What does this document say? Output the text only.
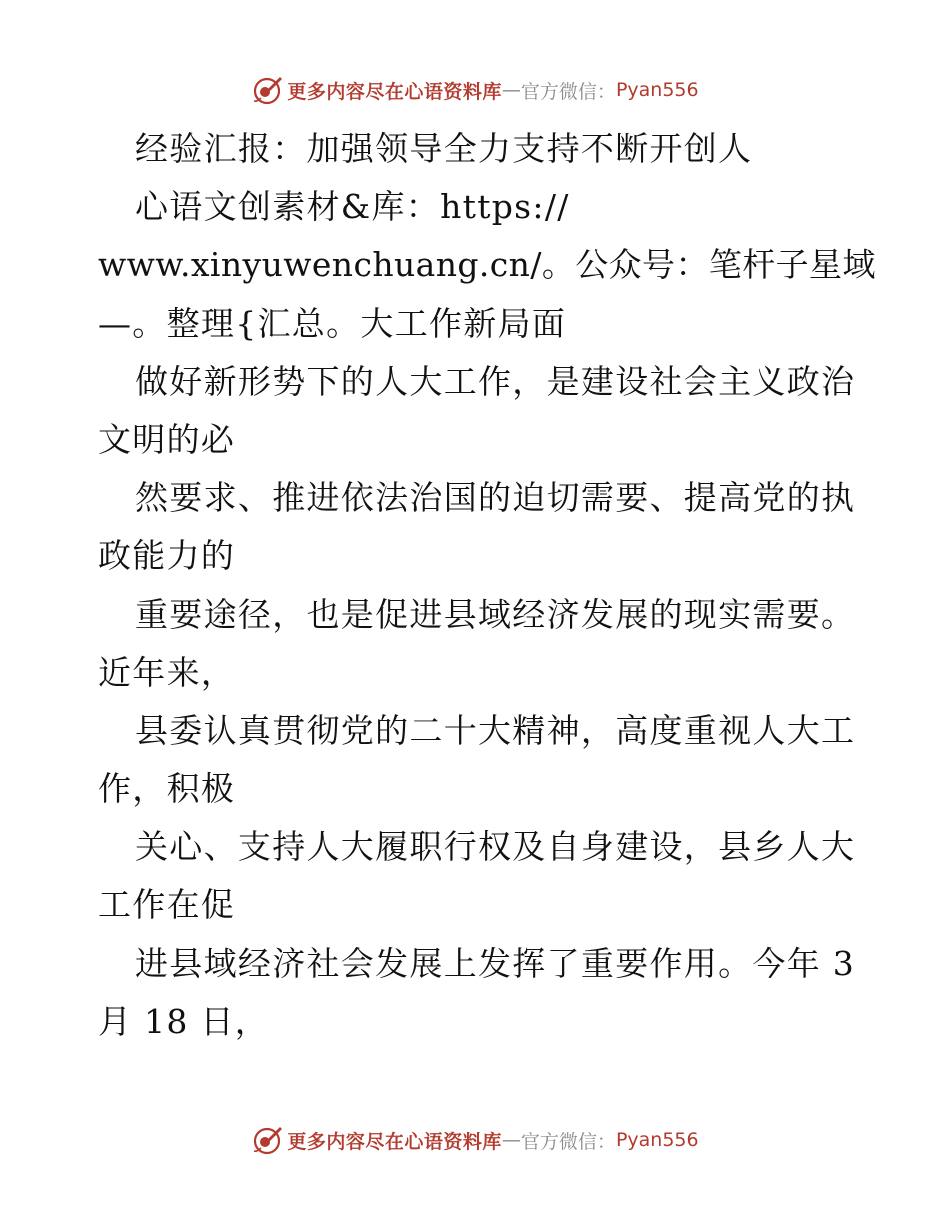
更多内容尽在心语资料库 — 官方微信： Pyan556
经验汇报：加强领导全力支持不断开创人
心语文创素材&库：https://
www.xinyuwenchuang.cn/。公众号：笔杆子星域
—。整理{汇总。大工作新局面
做好新形势下的人大工作，是建设社会主义政治
文明的必
然要求、推进依法治国的迫切需要、提高党的执
政能力的
重要途径，也是促进县域经济发展的现实需要。
近年来，
县委认真贯彻党的二十大精神，高度重视人大工
作，积极
关心、支持人大履职行权及自身建设，县乡人大
工作在促
进县域经济社会发展上发挥了重要作用。今年 3
月 18 日，
更多内容尽在心语资料库 — 官方微信： Pyan556
